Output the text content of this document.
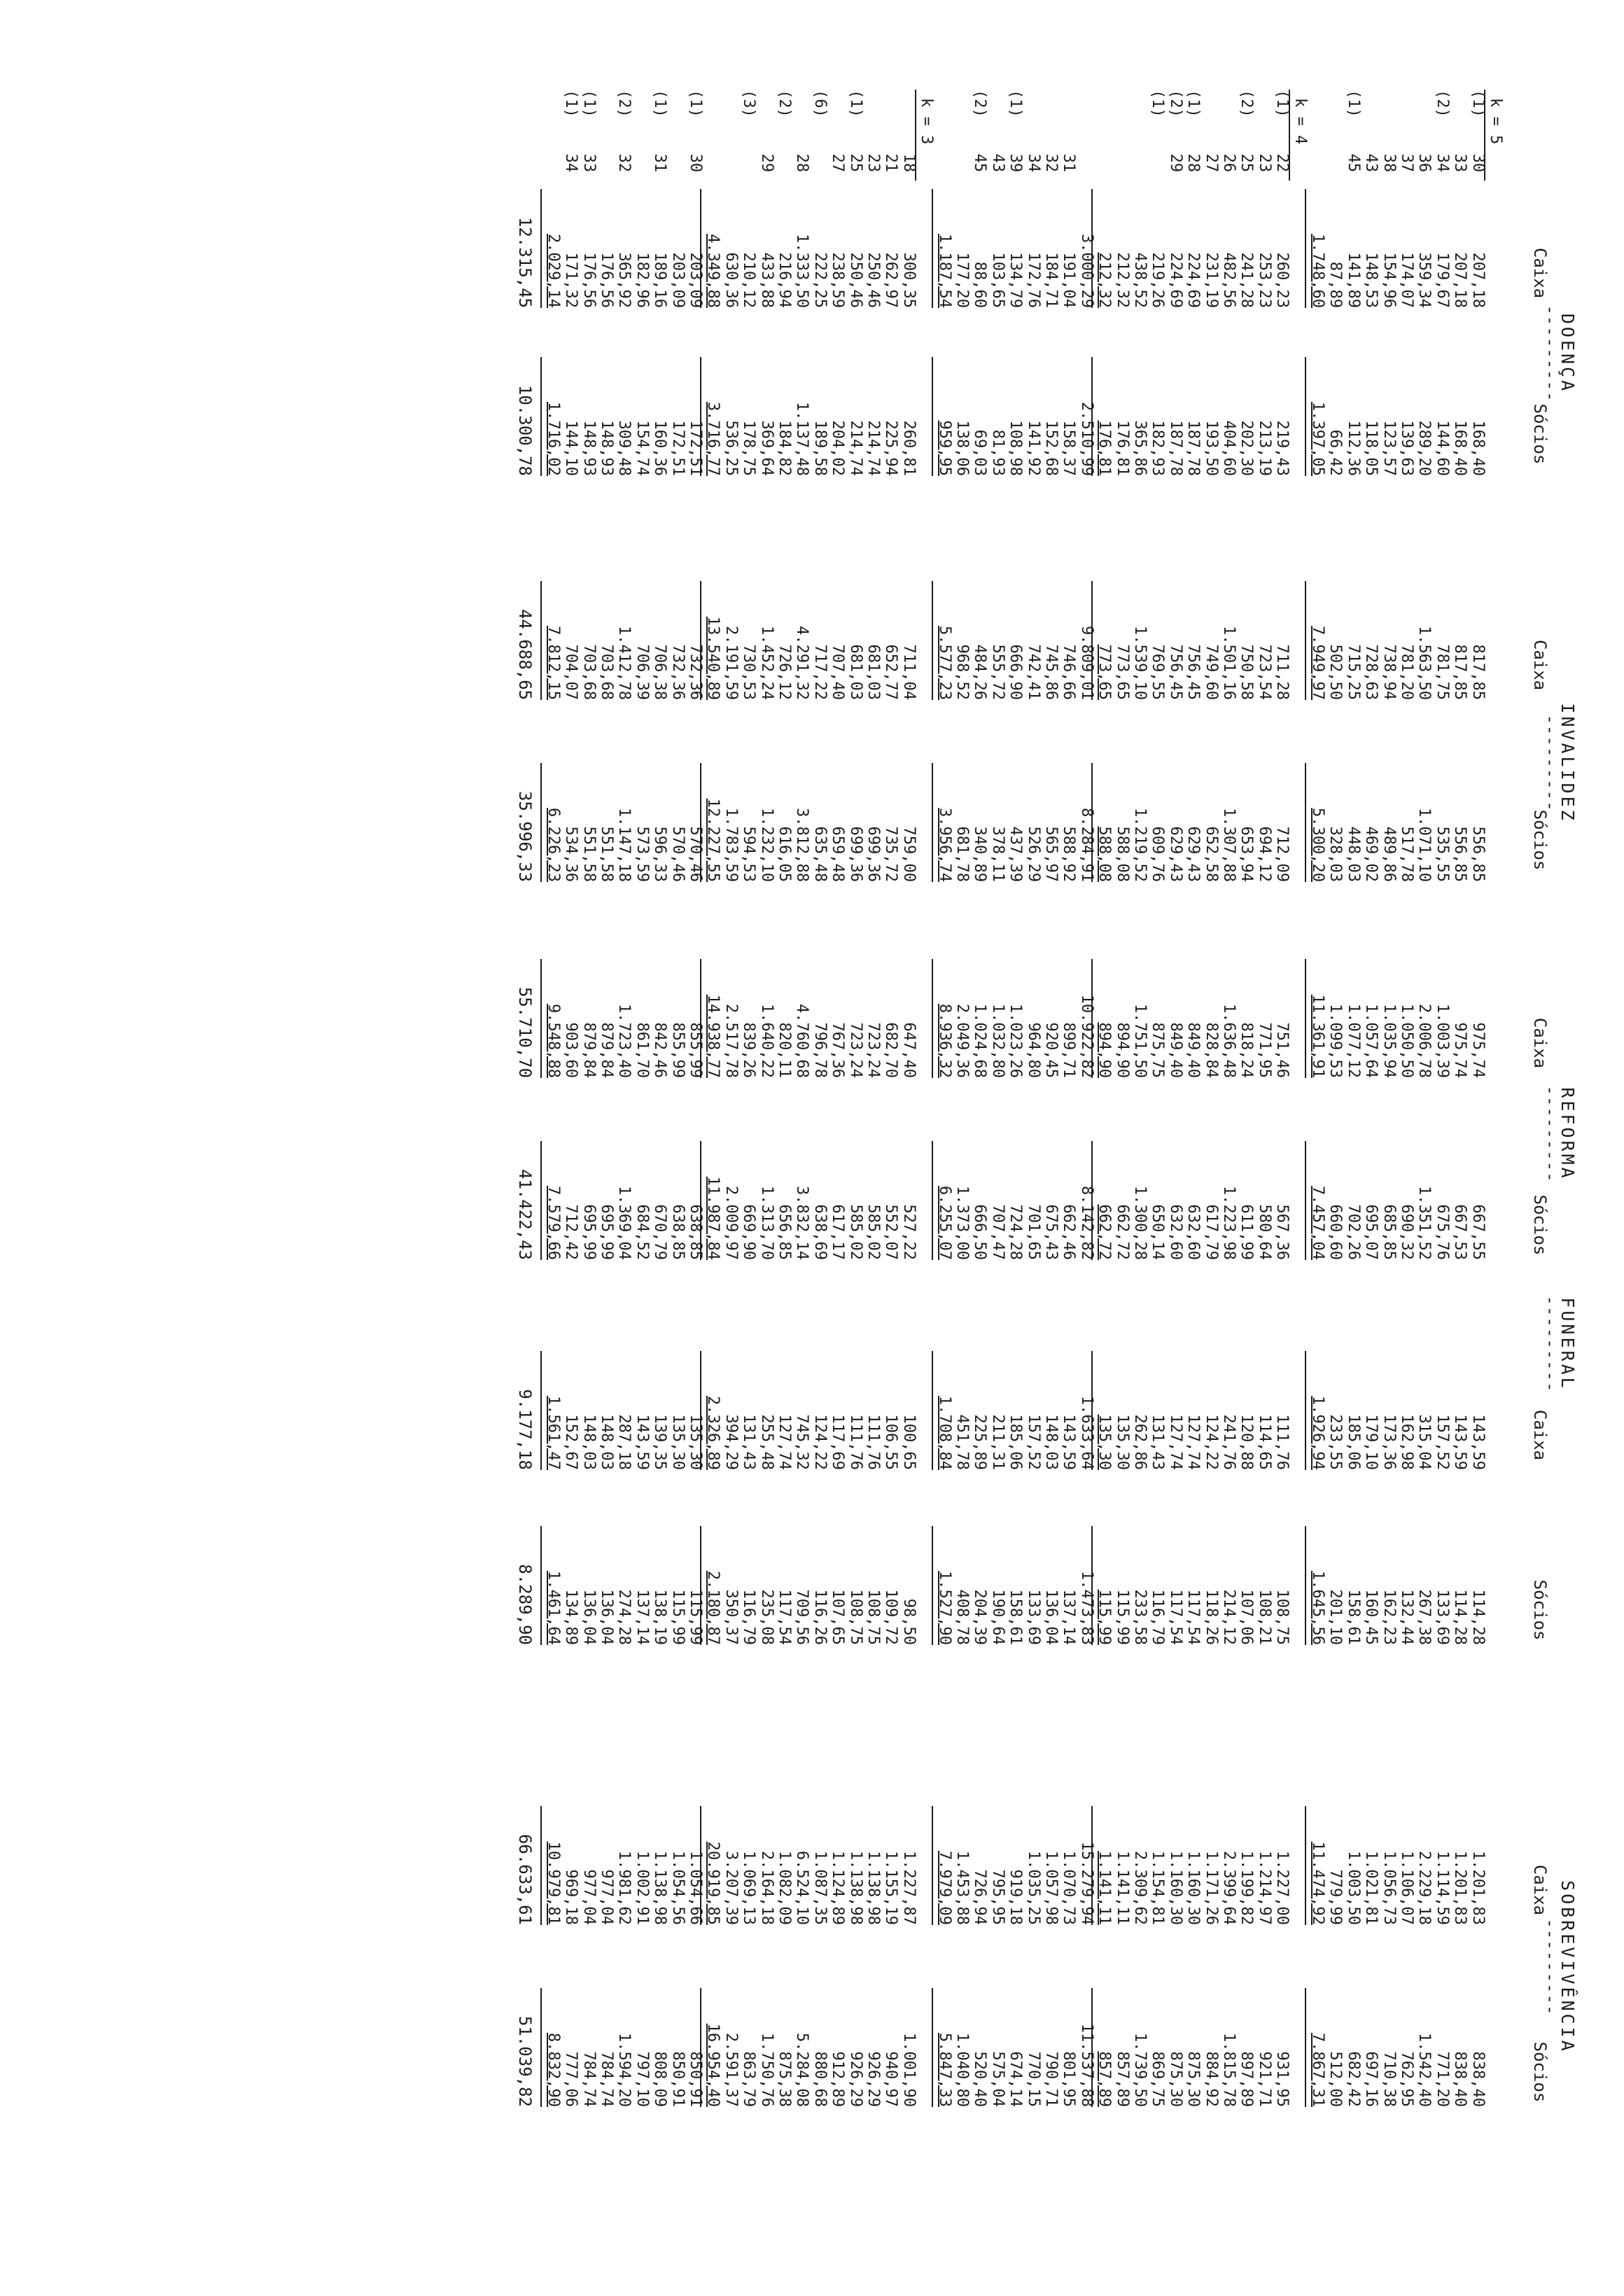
DOENÇA
---------
INVALIDEZ
---------
REFORMA
---------
FUNERAL
---------
SOBREVIVÊNCIA
---------
Caixa
Sócios
Caixa
Sócios
Caixa
Sócios
Caixa
Sócios
Caixa
Sócios
k = 5
(1)
30
207,18
168,40
817,85
556,85
975,74
667,55
143,59
114,28
1.201,83
838,40
33
207,18
168,40
817,85
556,85
975,74
667,53
143,59
114,28
1.201,83
838,40
(2)
34
179,67
144,60
781,75
535,55
1.003,39
675,76
157,52
133,69
1.114,59
771,20
36
359,34
289,20
1.563,50
1.071,10
2.006,78
1.351,52
315,04
267,38
2.229,18
1.542,40
37
174,07
139,63
781,20
517,78
1.050,50
690,32
162,98
132,44
1.106,07
762,95
38
154,96
123,57
738,94
489,86
1.035,94
685,85
173,36
162,23
1.056,73
710,38
43
148,53
118,05
728,63
469,02
1.057,64
695,07
179,10
160,45
1.021,81
697,16
(1)
45
141,89
112,36
715,25
448,03
1.077,12
702,26
185,06
158,61
1.003,50
682,42
87,89
66,42
502,50
328,03
1.099,53
660,60
233,55
201,10
779,99
512,00
1.748,60
1.397,05
7.949,97
5.300,20
11.361,91
7.457,04
1.926,94
1.645,56
11.474,92
7.867,31
k = 4
(1)
22
260,23
219,43
711,28
712,09
751,46
567,36
111,76
108,75
1.227,00
931,95
23
253,23
213,19
723,54
694,12
771,95
580,64
114,65
108,21
1.214,97
921,71
(2)
25
241,28
202,30
750,58
653,94
818,24
611,99
120,88
107,06
1.199,82
897,89
26
482,56
404,60
1.501,16
1.307,88
1.636,48
1.223,98
241,76
214,12
2.399,64
1.815,78
27
231,19
193,50
749,60
652,58
828,84
617,79
124,22
118,26
1.171,26
884,92
(1)
28
224,69
187,78
756,45
629,43
849,40
632,60
127,74
117,54
1.160,30
875,30
(2)
29
224,69
187,78
756,45
629,43
849,40
632,60
127,74
117,54
1.160,30
875,30
(1)
219,26
182,93
769,55
609,76
875,75
650,14
131,43
116,79
1.154,81
869,75
438,52
365,86
1.539,10
1.219,52
1.751,50
1.300,28
262,86
233,58
2.309,62
1.739,50
212,32
176,81
773,65
588,08
894,90
662,72
135,30
115,99
1.141,11
857,89
212,32
176,81
773,65
588,08
894,90
662,72
135,30
115,99
1.141,11
857,89
3.000,29
2.510,99
9.809,01
8.284,91
10.922,82
8.142,82
1.633,64
1.473,83
15.279,94
11.537,88
31
191,04
158,37
746,66
588,92
899,71
662,46
143,59
137,14
1.070,73
801,95
32
184,71
152,68
745,86
565,97
920,45
675,43
148,03
136,04
1.057,98
790,71
34
172,76
141,92
742,41
526,29
964,80
701,65
157,52
133,69
1.035,25
770,15
(1)
39
134,79
108,98
666,90
437,39
1.023,26
724,28
185,06
158,61
919,18
674,14
43
103,65
81,93
555,72
378,11
1.032,80
707,47
211,31
190,64
795,95
575,04
(2)
45
88,60
69,03
484,26
340,89
1.024,68
666,50
225,89
204,39
726,94
520,40
177,20
138,06
968,52
681,78
2.049,36
1.373,00
451,78
408,78
1.453,88
1.040,80
1.187,54
959,95
5.577,23
3.956,74
8.936,32
6.255,07
1.708,84
1.527,90
7.979,09
5.847,33
k = 3
18
300,35
260,81
711,04
759,00
647,40
527,22
100,65
98,50
1.227,87
1.001,90
21
262,97
225,94
652,77
735,72
682,70
552,07
106,55
109,72
1.155,19
940,97
23
250,46
214,74
681,03
699,36
723,24
585,02
111,76
108,75
1.138,98
926,29
(1)
25
250,46
214,74
681,03
699,36
723,24
585,02
111,76
108,75
1.138,98
926,29
27
238,59
204,02
707,40
659,48
767,36
617,17
117,69
107,65
1.124,89
912,89
(6)
222,25
189,58
717,22
635,48
796,78
638,69
124,22
116,26
1.087,35
880,68
28
1.333,50
1.137,48
4.291,32
3.812,88
4.760,68
3.832,14
745,32
709,56
6.524,10
5.284,08
(2)
216,94
184,82
726,12
616,05
820,11
656,85
127,74
117,54
1.082,09
875,38
29
433,88
369,64
1.452,24
1.232,10
1.640,22
1.313,70
255,48
235,08
2.164,18
1.750,76
(3)
210,12
178,75
730,53
594,53
839,26
669,90
131,43
116,79
1.069,13
863,79
630,36
536,25
2.191,59
1.783,59
2.517,78
2.009,97
394,29
350,37
3.207,39
2.591,37
4.349,88
3.716,77
13.540,89
12.227,55
14.938,77
11.987,84
2.326,89
2.180,87
20.919,85
16.954,40
(1)
30
203,09
172,51
732,36
570,46
855,99
638,85
135,30
115,99
1.054,66
850,91
203,09
172,51
732,36
570,46
855,99
638,85
135,30
115,99
1.054,56
850,91
(1)
31
189,16
160,36
706,38
596,33
842,46
670,79
139,35
138,19
1.138,98
808,09
182,96
154,74
706,39
573,59
861,70
684,52
143,59
137,14
1.002,91
797,10
(2)
32
365,92
309,48
1.412,78
1.147,18
1.723,40
1.369,04
287,18
274,28
1.981,62
1.594,20
176,56
148,93
703,68
551,58
879,84
695,99
148,03
136,04
977,04
784,74
(1)
33
176,56
148,93
703,68
551,58
879,84
695,99
148,03
136,04
977,04
784,74
(1)
34
171,32
144,10
704,07
534,36
903,60
712,42
152,67
134,89
969,18
777,06
2.029,14
1.716,02
7.812,15
6.226,23
9.548,88
7.579,66
1.561,47
1.461,64
10.979,81
8.832,90
12.315,45
10.300,78
44.688,65
35.996,33
55.710,70
41.422,43
9.177,18
8.289,90
66.633,61
51.039,82
